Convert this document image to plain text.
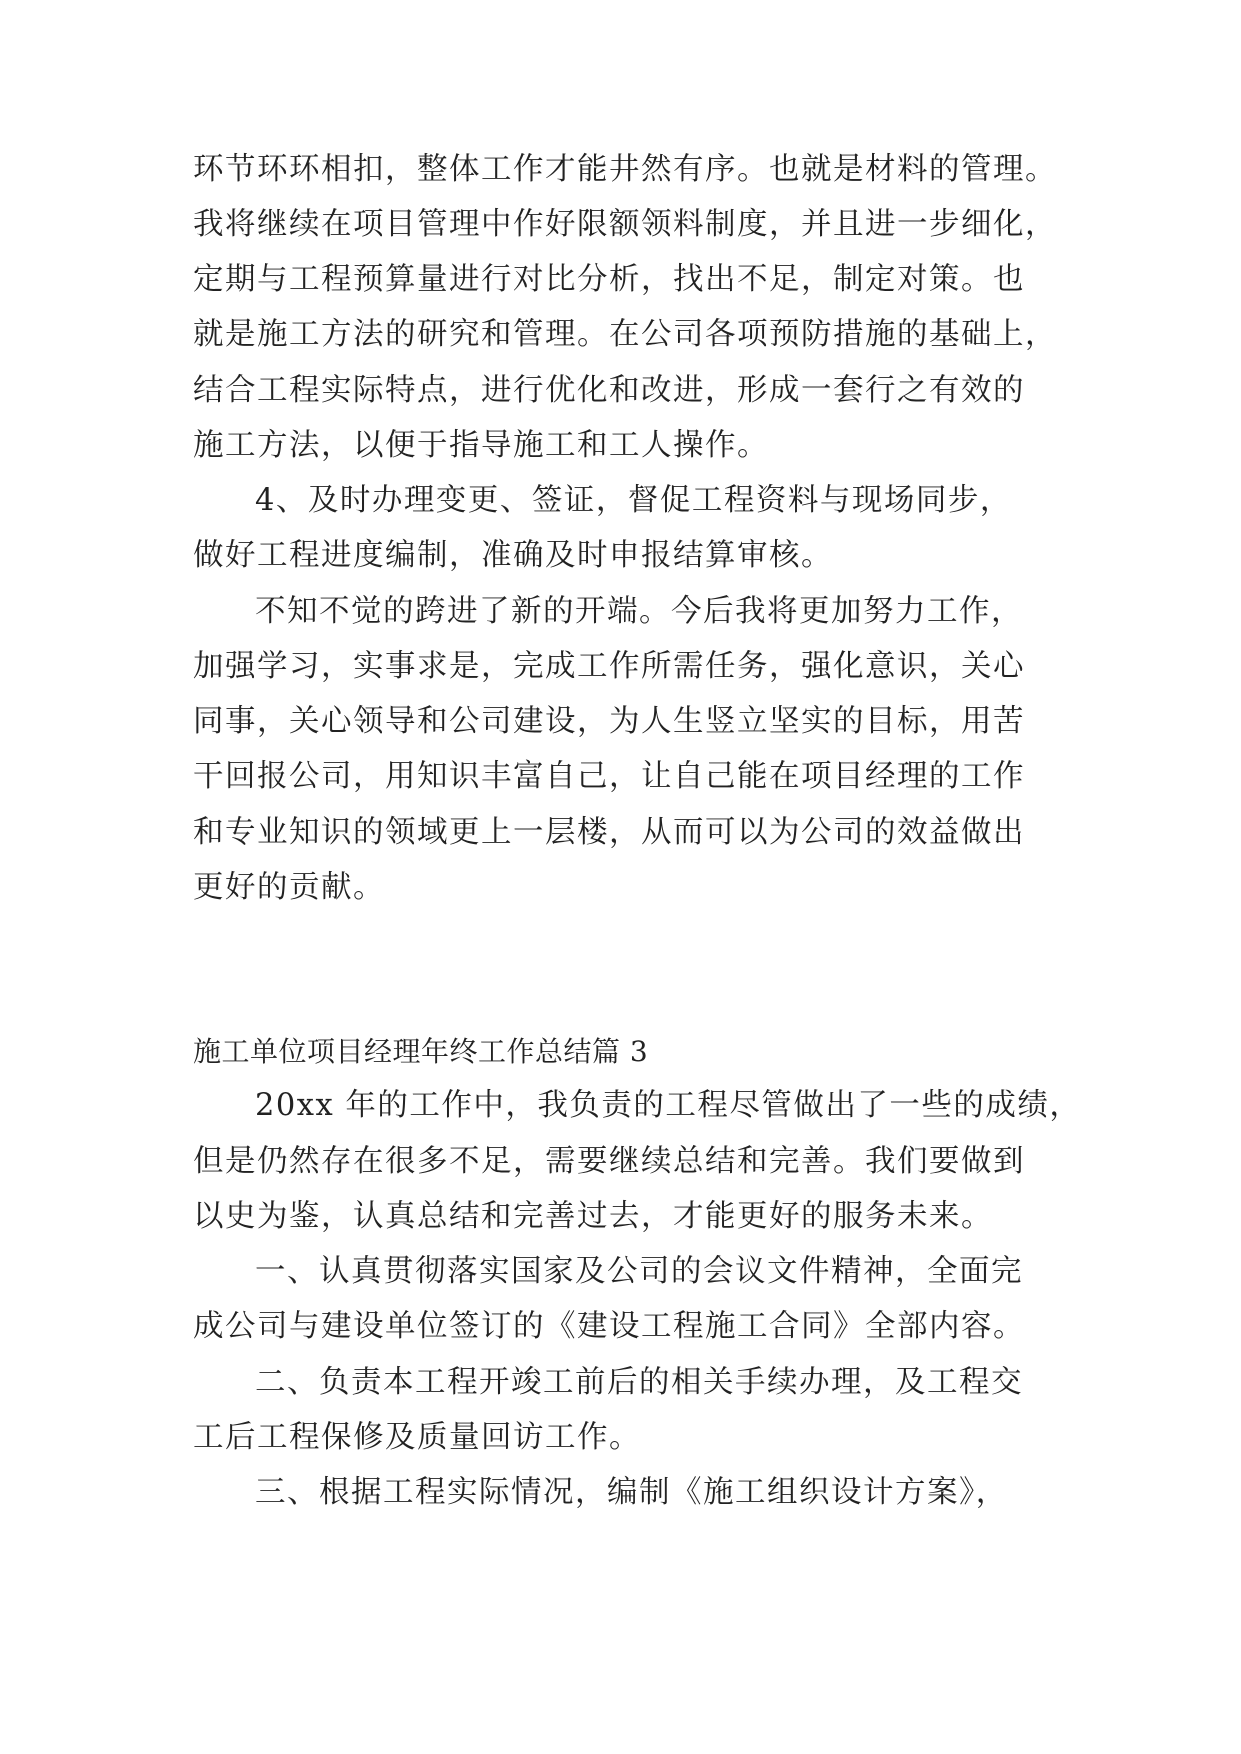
环节环环相扣，整体工作才能井然有序。也就是材料的管理。
我将继续在项目管理中作好限额领料制度，并且进一步细化，
定期与工程预算量进行对比分析，找出不足，制定对策。也
就是施工方法的研究和管理。在公司各项预防措施的基础上，
结合工程实际特点，进行优化和改进，形成一套行之有效的
施工方法，以便于指导施工和工人操作。
4、及时办理变更、签证，督促工程资料与现场同步，
做好工程进度编制，准确及时申报结算审核。
不知不觉的跨进了新的开端。今后我将更加努力工作，
加强学习，实事求是，完成工作所需任务，强化意识，关心
同事，关心领导和公司建设，为人生竖立坚实的目标，用苦
干回报公司，用知识丰富自己，让自己能在项目经理的工作
和专业知识的领域更上一层楼，从而可以为公司的效益做出
更好的贡献。
施工单位项目经理年终工作总结篇 3
20xx 年的工作中，我负责的工程尽管做出了一些的成绩，
但是仍然存在很多不足，需要继续总结和完善。我们要做到
以史为鉴，认真总结和完善过去，才能更好的服务未来。
一、认真贯彻落实国家及公司的会议文件精神，全面完
成公司与建设单位签订的《建设工程施工合同》全部内容。
二、负责本工程开竣工前后的相关手续办理，及工程交
工后工程保修及质量回访工作。
三、根据工程实际情况，编制《施工组织设计方案》，
